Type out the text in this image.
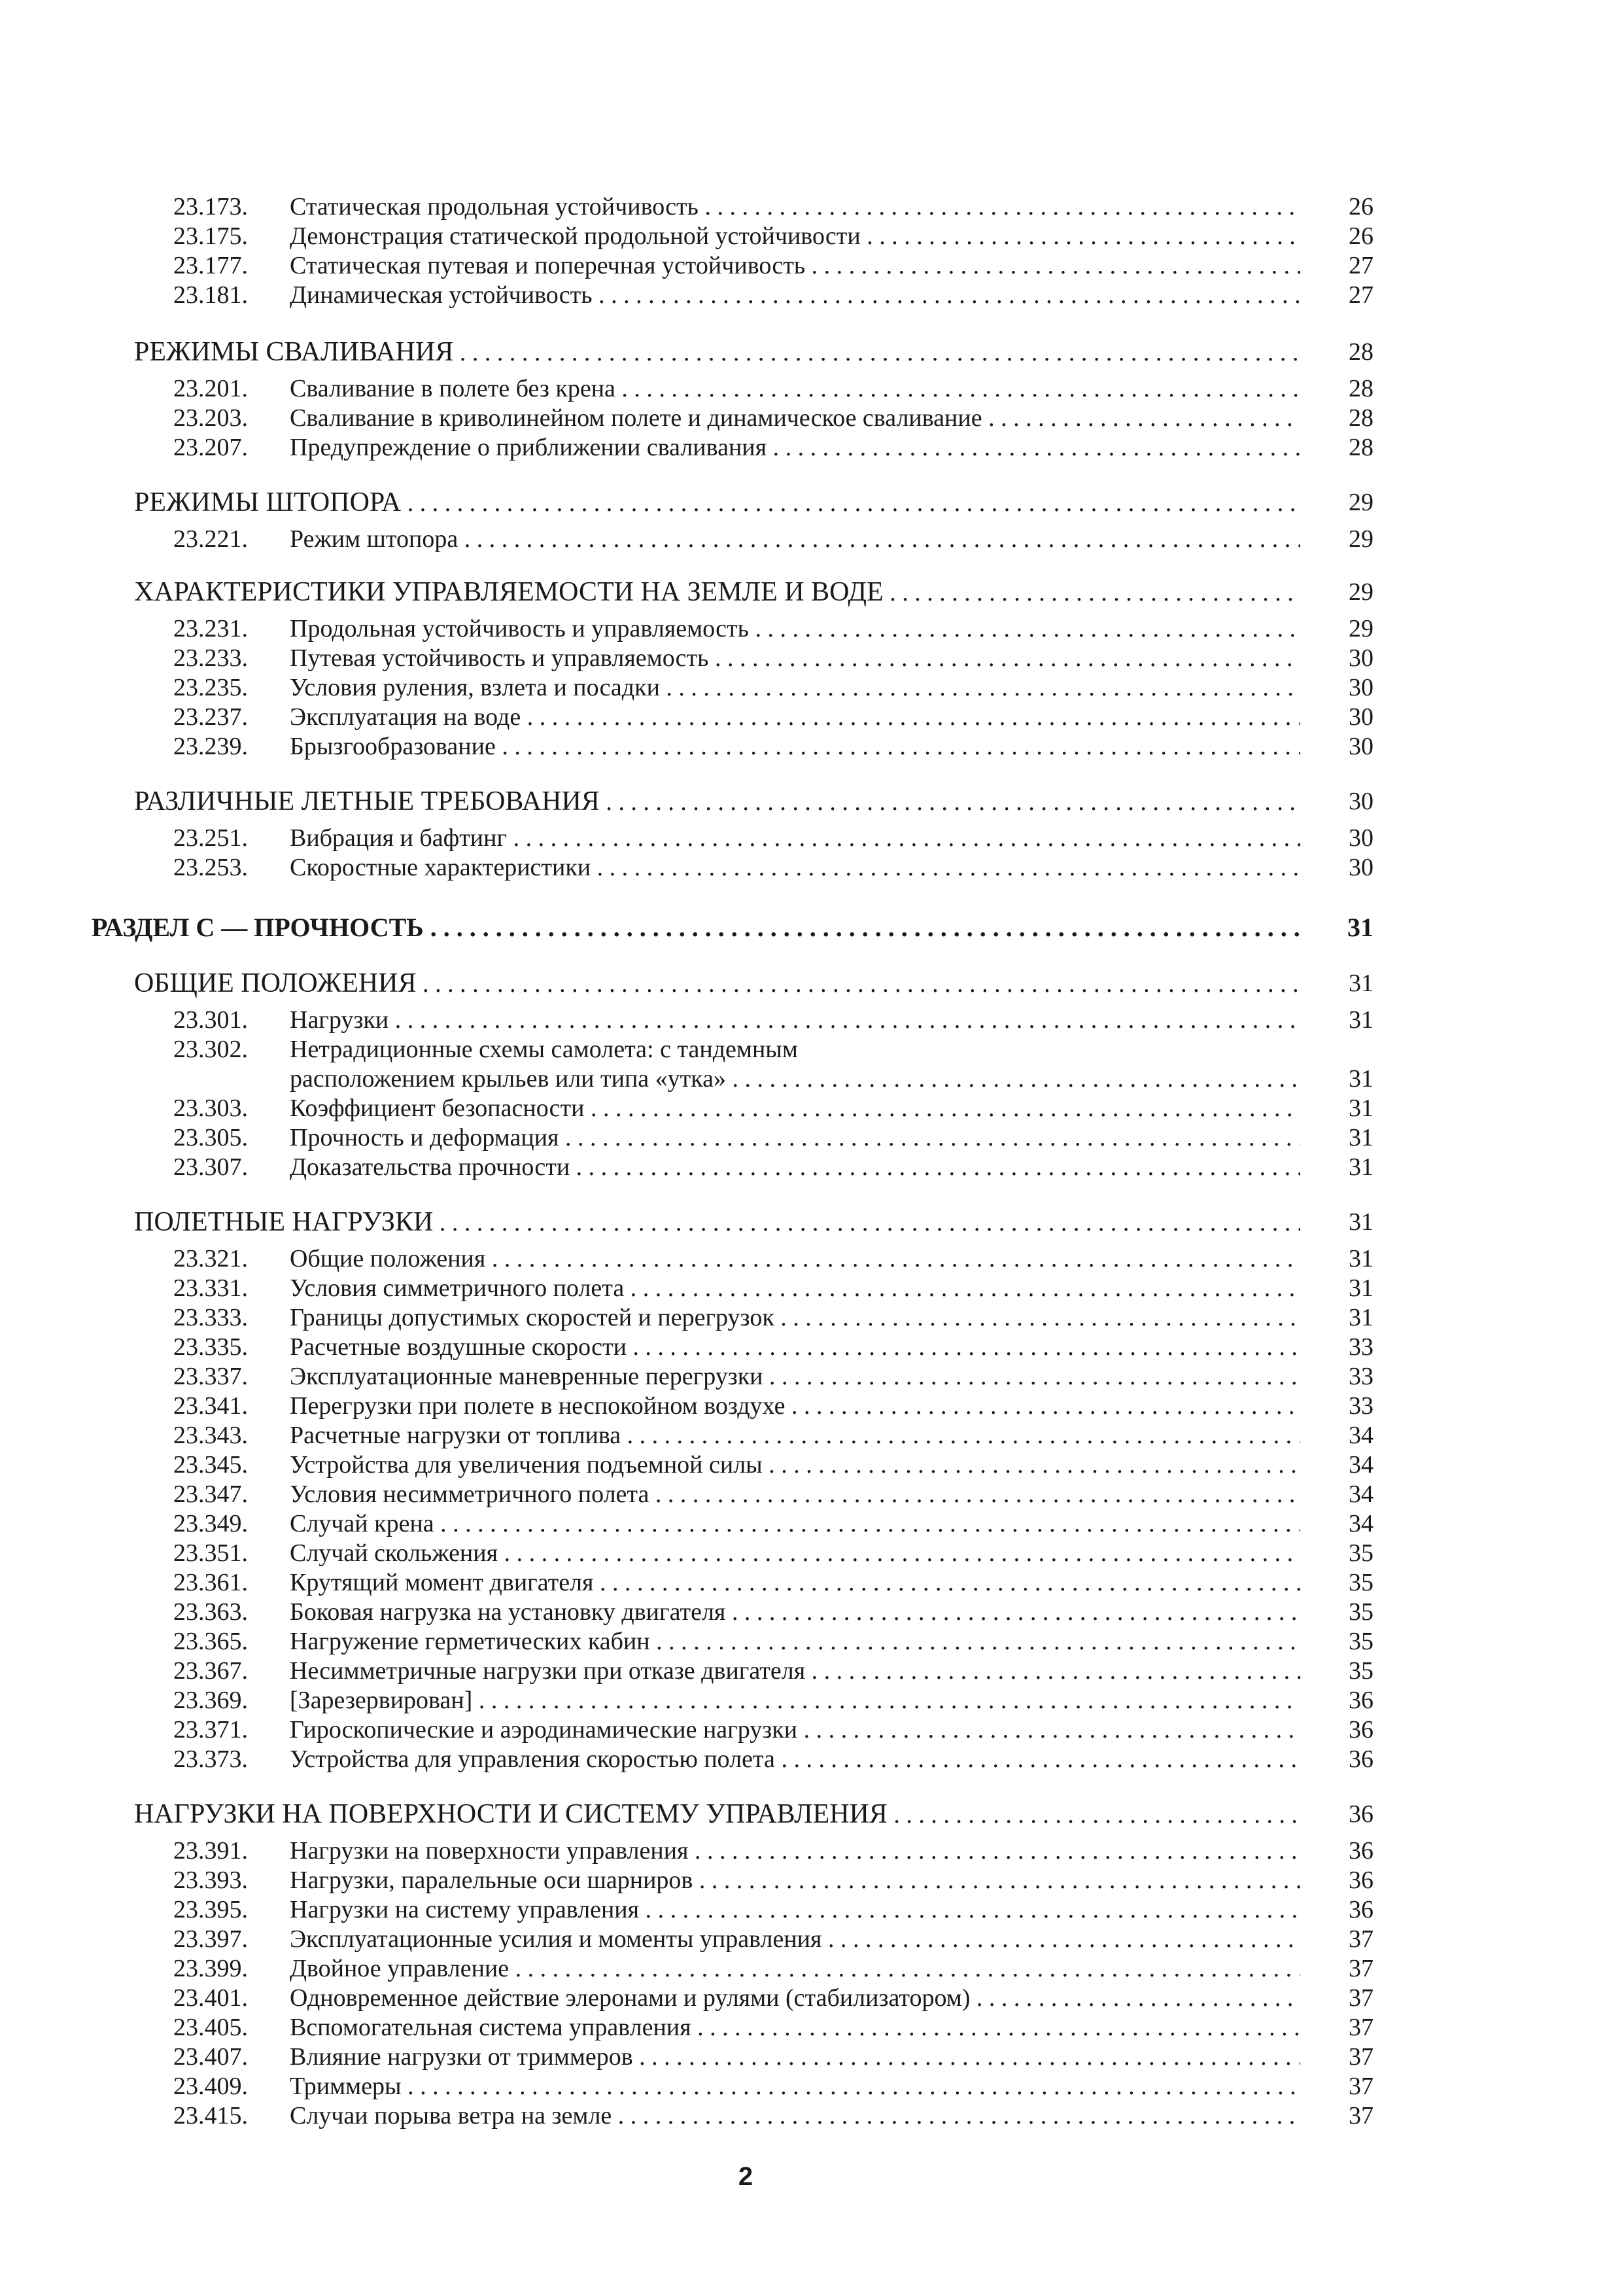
23.173.	Статическая продольная устойчивость . . .	26
23.175.	Демонстрация статической продольной устойчивости . . .	26
23.177.	Статическая путевая и поперечная устойчивость . . .	27
23.181.	Динамическая устойчивость . . .	27
РЕЖИМЫ СВАЛИВАНИЯ . . .	28
23.201.	Сваливание в полете без крена . . .	28
23.203.	Сваливание в криволинейном полете и динамическое сваливание . . .	28
23.207.	Предупреждение о приближении сваливания . . .	28
РЕЖИМЫ ШТОПОРА . . .	29
23.221.	Режим штопора . . .	29
ХАРАКТЕРИСТИКИ УПРАВЛЯЕМОСТИ НА ЗЕМЛЕ И ВОДЕ . . .	29
23.231.	Продольная устойчивость и управляемость . . .	29
23.233.	Путевая устойчивость и управляемость . . .	30
23.235.	Условия руления, взлета и посадки . . .	30
23.237.	Эксплуатация на воде . . .	30
23.239.	Брызгообразование . . .	30
РАЗЛИЧНЫЕ ЛЕТНЫЕ ТРЕБОВАНИЯ . . .	30
23.251.	Вибрация и бафтинг . . .	30
23.253.	Скоростные характеристики . . .	30
РАЗДЕЛ С — ПРОЧНОСТЬ . . .	31
ОБЩИЕ ПОЛОЖЕНИЯ . . .	31
23.301.	Нагрузки . . .	31
23.302.	Нетрадиционные схемы самолета: с тандемным
расположением крыльев или типа «утка» . . .	31
23.303.	Коэффициент безопасности . . .	31
23.305.	Прочность и деформация . . .	31
23.307.	Доказательства прочности . . .	31
ПОЛЕТНЫЕ НАГРУЗКИ . . .	31
23.321.	Общие положения . . .	31
23.331.	Условия симметричного полета . . .	31
23.333.	Границы допустимых скоростей и перегрузок . . .	31
23.335.	Расчетные воздушные скорости . . .	33
23.337.	Эксплуатационные маневренные перегрузки . . .	33
23.341.	Перегрузки при полете в неспокойном воздухе . . .	33
23.343.	Расчетные нагрузки от топлива . . .	34
23.345.	Устройства для увеличения подъемной силы . . .	34
23.347.	Условия несимметричного полета . . .	34
23.349.	Случай крена . . .	34
23.351.	Случай скольжения . . .	35
23.361.	Крутящий момент двигателя . . .	35
23.363.	Боковая нагрузка на установку двигателя . . .	35
23.365.	Нагружение герметических кабин . . .	35
23.367.	Несимметричные нагрузки при отказе двигателя . . .	35
23.369.	[Зарезервирован] . . .	36
23.371.	Гироскопические и аэродинамические нагрузки . . .	36
23.373.	Устройства для управления скоростью полета . . .	36
НАГРУЗКИ НА ПОВЕРХНОСТИ И СИСТЕМУ УПРАВЛЕНИЯ . . .	36
23.391.	Нагрузки на поверхности управления . . .	36
23.393.	Нагрузки, паралельные оси шарниров . . .	36
23.395.	Нагрузки на систему управления . . .	36
23.397.	Эксплуатационные усилия и моменты управления . . .	37
23.399.	Двойное управление . . .	37
23.401.	Одновременное действие элеронами и рулями (стабилизатором) . . .	37
23.405.	Вспомогательная система управления . . .	37
23.407.	Влияние нагрузки от триммеров . . .	37
23.409.	Триммеры . . .	37
23.415.	Случаи порыва ветра на земле . . .	37
2
